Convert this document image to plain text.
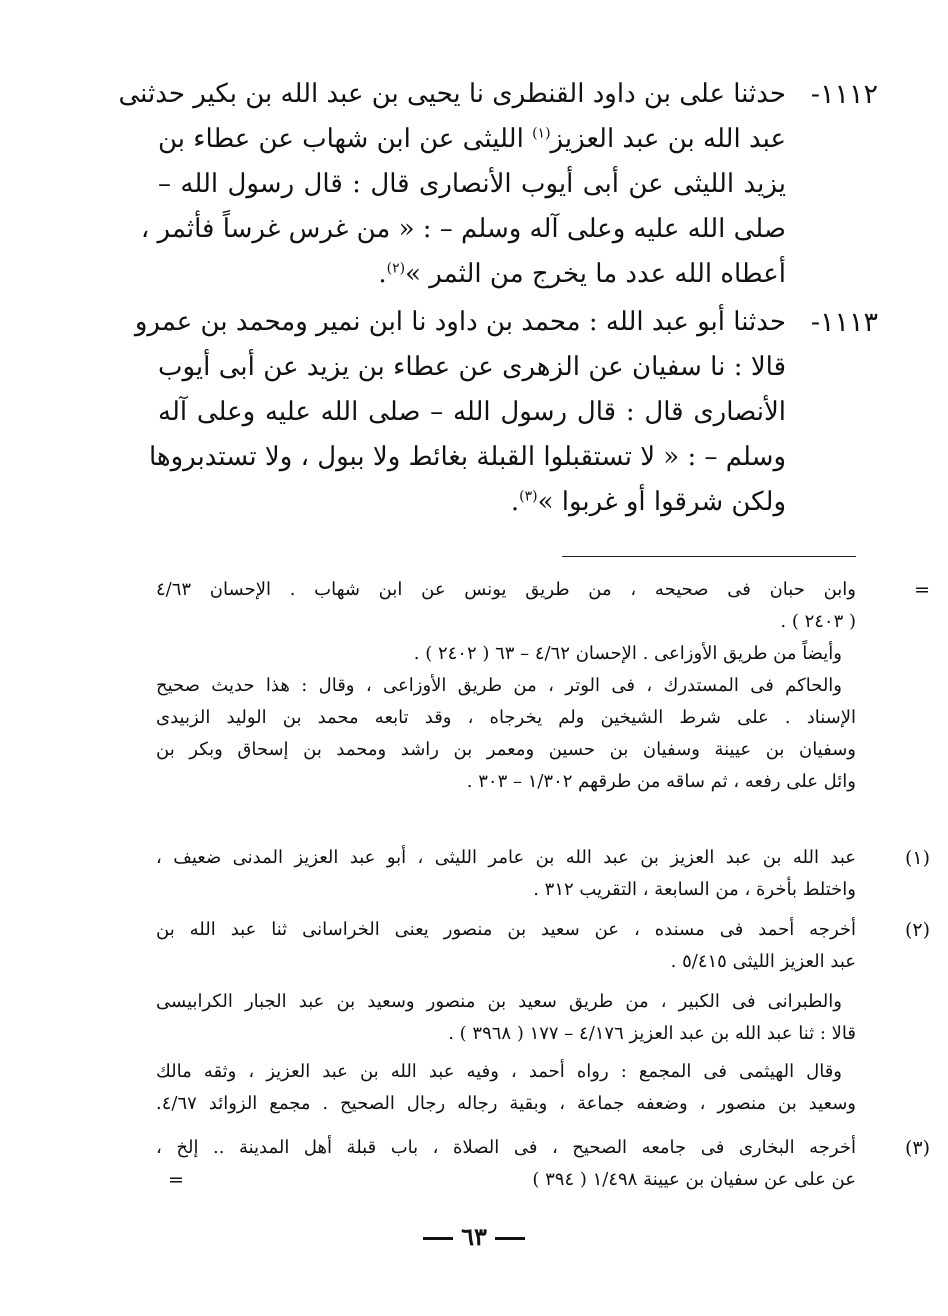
١١١٢-
حدثنا على بن داود القنطرى نا يحيى بن عبد الله بن بكير حدثنى
عبد الله بن عبد العزيز$^{(١)}$ الليثى عن ابن شهاب عن عطاء بن
يزيد الليثى عن أبى أيوب الأنصارى قال : قال رسول الله –
صلى الله عليه وعلى آله وسلم – : « من غرس غرساً فأثمر ،
أعطاه الله عدد ما يخرج من الثمر »$^{(٢)}$.
١١١٣-
حدثنا أبو عبد الله : محمد بن داود نا ابن نمير ومحمد بن عمرو
قالا : نا سفيان عن الزهرى عن عطاء بن يزيد عن أبى أيوب
الأنصارى قال : قال رسول الله – صلى الله عليه وعلى آله
وسلم – : « لا تستقبلوا القبلة بغائط ولا ببول ، ولا تستدبروها
ولكن شرقوا أو غربوا »$^{(٣)}$.
=
وابن حبان فى صحيحه ، من طريق يونس عن ابن شهاب . الإحسان ٤/٦٣
( ٢٤٠٣ ) .
وأيضاً من طريق الأوزاعى . الإحسان ٤/٦٢ – ٦٣ ( ٢٤٠٢ ) .
والحاكم فى المستدرك ، فى الوتر ، من طريق الأوزاعى ، وقال : هذا حديث صحيح
الإسناد . على شرط الشيخين ولم يخرجاه ، وقد تابعه محمد بن الوليد الزبيدى
وسفيان بن عيينة وسفيان بن حسين ومعمر بن راشد ومحمد بن إسحاق وبكر بن
وائل على رفعه ، ثم ساقه من طرقهم ١/٣٠٢ – ٣٠٣ .
(١)
عبد الله بن عبد العزيز بن عبد الله بن عامر الليثى ، أبو عبد العزيز المدنى ضعيف ،
واختلط بأخرة ، من السابعة ، التقريب ٣١٢ .
(٢)
أخرجه أحمد فى مسنده ، عن سعيد بن منصور يعنى الخراسانى ثنا عبد الله بن
عبد العزيز الليثى ٥/٤١٥ .
والطبرانى فى الكبير ، من طريق سعيد بن منصور وسعيد بن عبد الجبار الكرابيسى
قالا : ثنا عبد الله بن عبد العزيز ٤/١٧٦ – ١٧٧ ( ٣٩٦٨ ) .
وقال الهيثمى فى المجمع : رواه أحمد ، وفيه عبد الله بن عبد العزيز ، وثقه مالك
وسعيد بن منصور ، وضعفه جماعة ، وبقية رجاله رجال الصحيح . مجمع الزوائد ٤/٦٧.
(٣)
أخرجه البخارى فى جامعه الصحيح ، فى الصلاة ، باب قبلة أهل المدينة .. إلخ ،
عن على عن سفيان بن عيينة ١/٤٩٨ ( ٣٩٤ )
=
٦٣
